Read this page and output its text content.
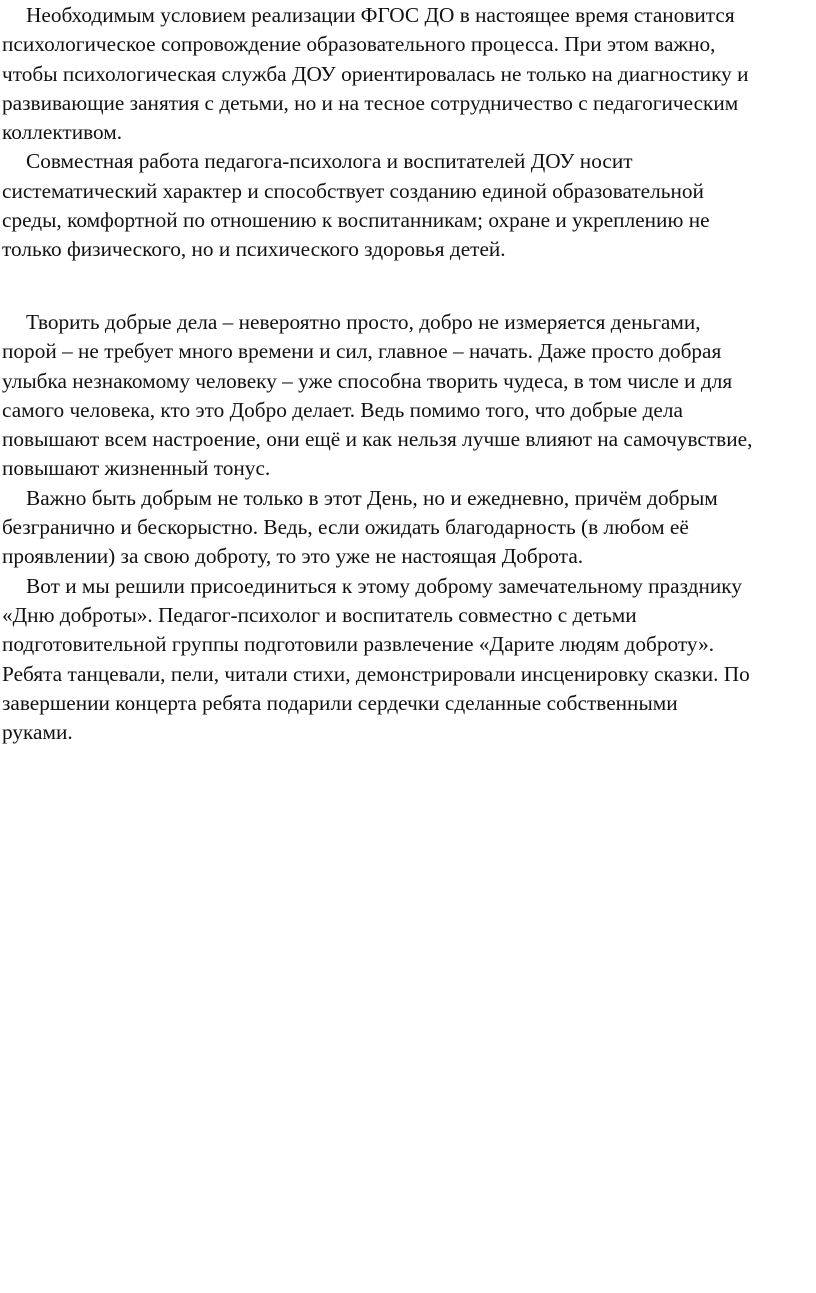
Необходимым условием реализации ФГОС ДО в настоящее время становится
психологическое сопровождение образовательного процесса. При этом важно,
чтобы психологическая служба ДОУ ориентировалась не только на диагностику и
развивающие занятия с детьми, но и на тесное сотрудничество с педагогическим
коллективом.
Совместная работа педагога-психолога и воспитателей ДОУ носит
систематический характер и способствует созданию единой образовательной
среды, комфортной по отношению к воспитанникам; охране и укреплению не
только физического, но и психического здоровья детей.
Творить добрые дела – невероятно просто, добро не измеряется деньгами,
порой – не требует много времени и сил, главное – начать. Даже просто добрая
улыбка незнакомому человеку – уже способна творить чудеса, в том числе и для
самого человека, кто это Добро делает. Ведь помимо того, что добрые дела
повышают всем настроение, они ещё и как нельзя лучше влияют на самочувствие,
повышают жизненный тонус.
Важно быть добрым не только в этот День, но и ежедневно, причём добрым
безгранично и бескорыстно. Ведь, если ожидать благодарность (в любом её
проявлении) за свою доброту, то это уже не настоящая Доброта.
Вот и мы решили присоединиться к этому доброму замечательному празднику
«Дню доброты». Педагог-психолог и воспитатель совместно с детьми
подготовительной группы подготовили развлечение «Дарите людям доброту».
Ребята танцевали, пели, читали стихи, демонстрировали инсценировку сказки. По
завершении концерта ребята подарили сердечки сделанные собственными
руками.
